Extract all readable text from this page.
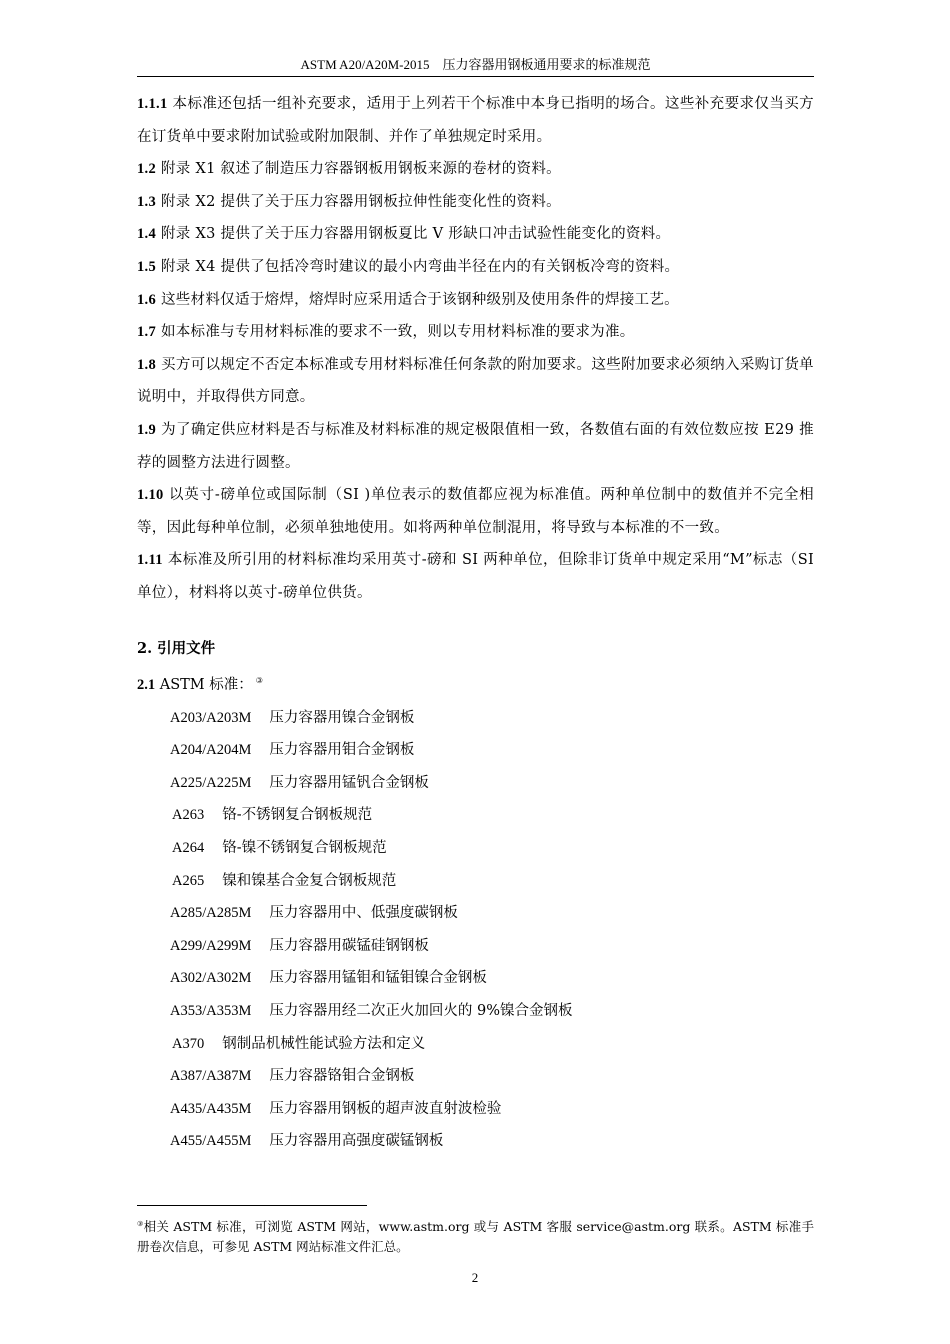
ASTM A20/A20M-2015　压力容器用钢板通用要求的标准规范

1.1.1 本标准还包括一组补充要求，适用于上列若干个标准中本身已指明的场合。这些补充要求仅当买方在订货单中要求附加试验或附加限制、并作了单独规定时采用。

1.2 附录 X1 叙述了制造压力容器钢板用钢板来源的卷材的资料。

1.3 附录 X2 提供了关于压力容器用钢板拉伸性能变化性的资料。

1.4 附录 X3 提供了关于压力容器用钢板夏比 V 形缺口冲击试验性能变化的资料。

1.5 附录 X4 提供了包括冷弯时建议的最小内弯曲半径在内的有关钢板冷弯的资料。

1.6 这些材料仅适于熔焊，熔焊时应采用适合于该钢种级别及使用条件的焊接工艺。

1.7 如本标准与专用材料标准的要求不一致，则以专用材料标准的要求为准。

1.8 买方可以规定不否定本标准或专用材料标准任何条款的附加要求。这些附加要求必须纳入采购订货单说明中，并取得供方同意。

1.9 为了确定供应材料是否与标准及材料标准的规定极限值相一致，各数值右面的有效位数应按 E29 推荐的圆整方法进行圆整。

1.10 以英寸-磅单位或国际制（SI )单位表示的数值都应视为标准值。两种单位制中的数值并不完全相等，因此每种单位制，必须单独地使用。如将两种单位制混用，将导致与本标准的不一致。

1.11 本标准及所引用的材料标准均采用英寸-磅和 SI 两种单位，但除非订货单中规定采用“M”标志（SI 单位），材料将以英寸-磅单位供货。

2. 引用文件

2.1 ASTM 标准： ③

A203/A203M 压力容器用镍合金钢板
A204/A204M 压力容器用钼合金钢板
A225/A225M 压力容器用锰钒合金钢板
A263 铬-不锈钢复合钢板规范
A264 铬-镍不锈钢复合钢板规范
A265 镍和镍基合金复合钢板规范
A285/A285M 压力容器用中、低强度碳钢板
A299/A299M 压力容器用碳锰硅钢钢板
A302/A302M 压力容器用锰钼和锰钼镍合金钢板
A353/A353M 压力容器用经二次正火加回火的 9%镍合金钢板
A370 钢制品机械性能试验方法和定义
A387/A387M 压力容器铬钼合金钢板
A435/A435M 压力容器用钢板的超声波直射波检验
A455/A455M 压力容器用高强度碳锰钢板
③相关 ASTM 标准，可浏览 ASTM 网站，www.astm.org 或与 ASTM 客服 service@astm.org 联系。ASTM 标准手册卷次信息，可参见 ASTM 网站标准文件汇总。
2
